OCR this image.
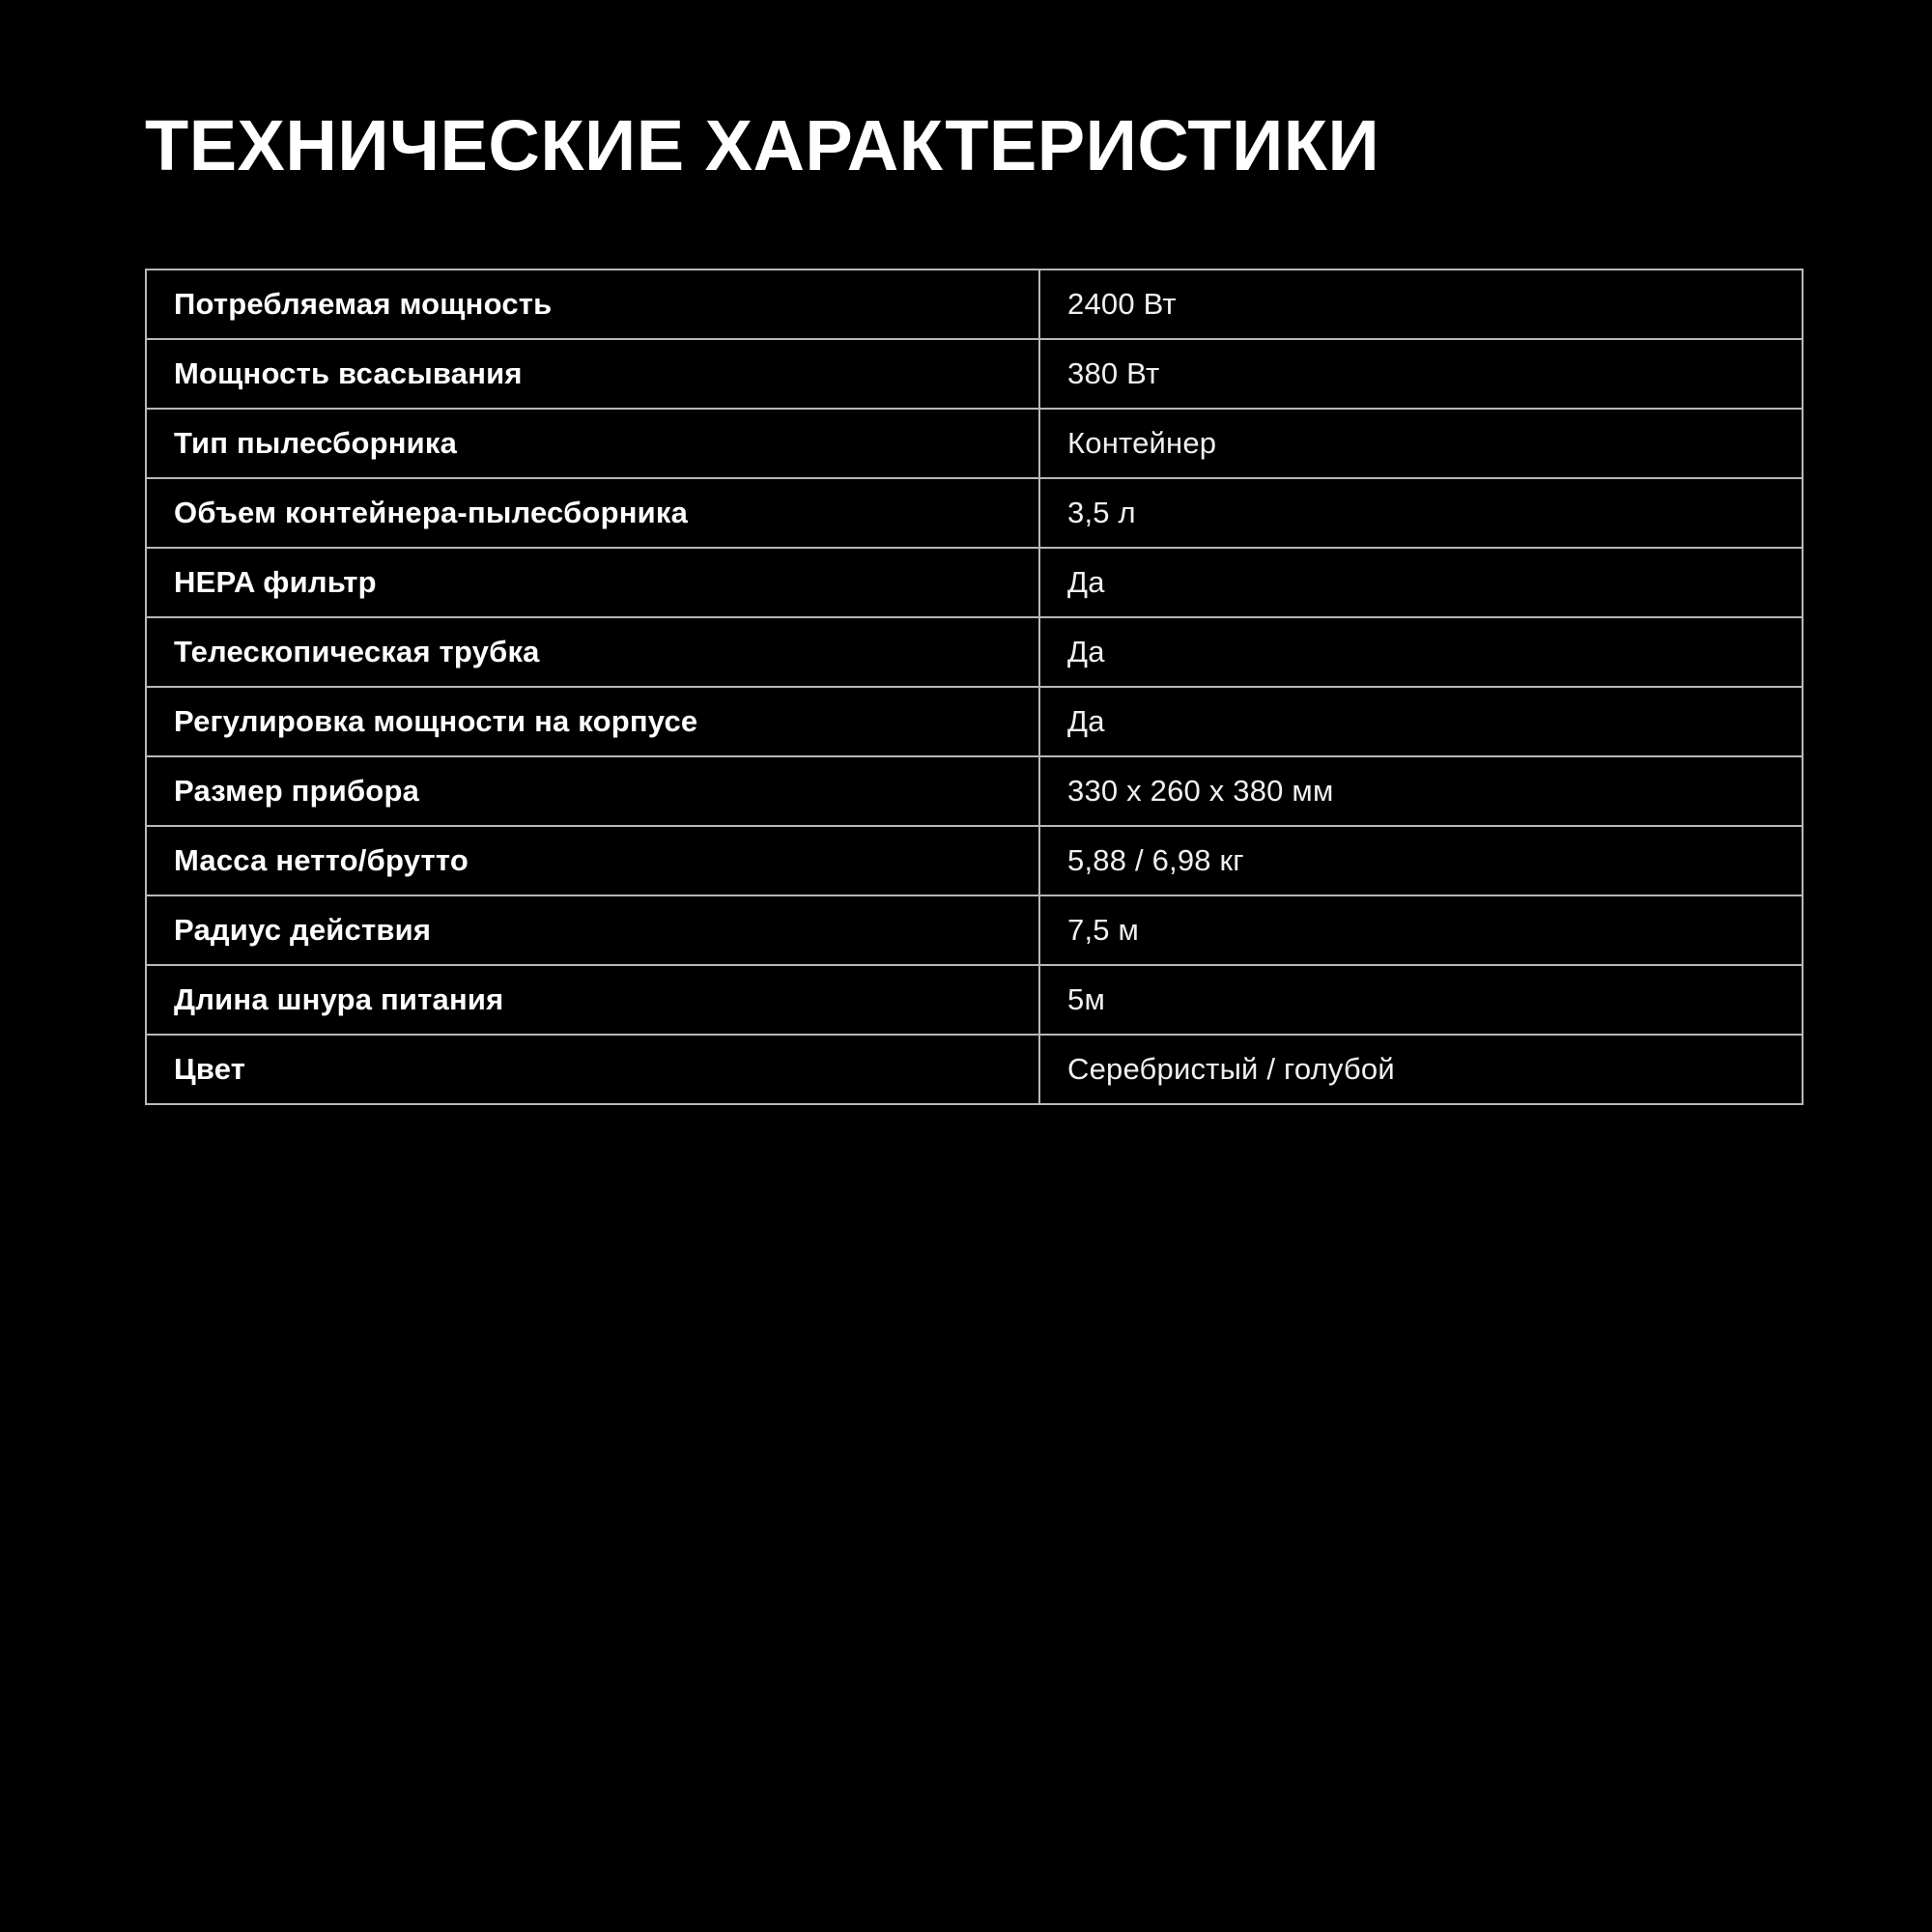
ТЕХНИЧЕСКИЕ ХАРАКТЕРИСТИКИ
Потребляемая мощность	2400 Вт
Мощность всасывания	380 Вт
Тип пылесборника	Контейнер
Объем контейнера-пылесборника	3,5 л
HEPA фильтр	Да
Телескопическая трубка	Да
Регулировка мощности на корпусе	Да
Размер прибора	330 x 260 x 380 мм
Масса нетто/брутто	5,88 / 6,98 кг
Радиус действия	7,5 м
Длина шнура питания	5м
Цвет	Серебристый / голубой
